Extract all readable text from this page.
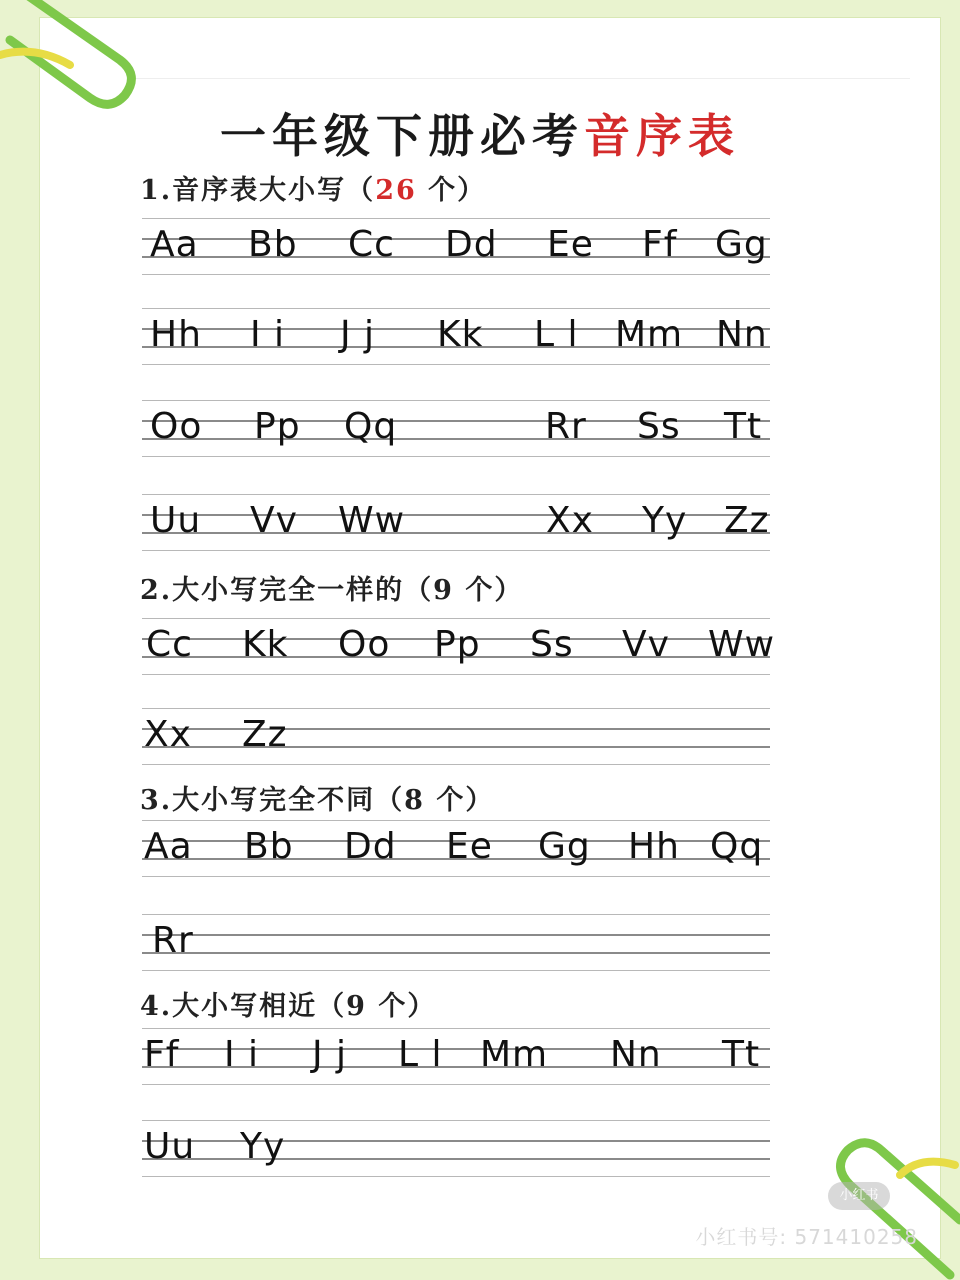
一年级下册必考音序表
1.音序表大小写（26 个）
Aa Bb Cc Dd Ee Ff Gg
Hh I i J j Kk L l Mm Nn
Oo Pp Qq	Rr Ss Tt
Uu Vv Ww	Xx Yy Zz
2.大小写完全一样的（9 个）
Cc Kk Oo Pp Ss Vv Ww
Xx Zz
3.大小写完全不同（8 个）
Aa Bb Dd Ee Gg Hh Qq
Rr
4.大小写相近（9 个）
Ff I i J j L l Mm Nn Tt
Uu Yy
小红书
小红书号: 571410258
